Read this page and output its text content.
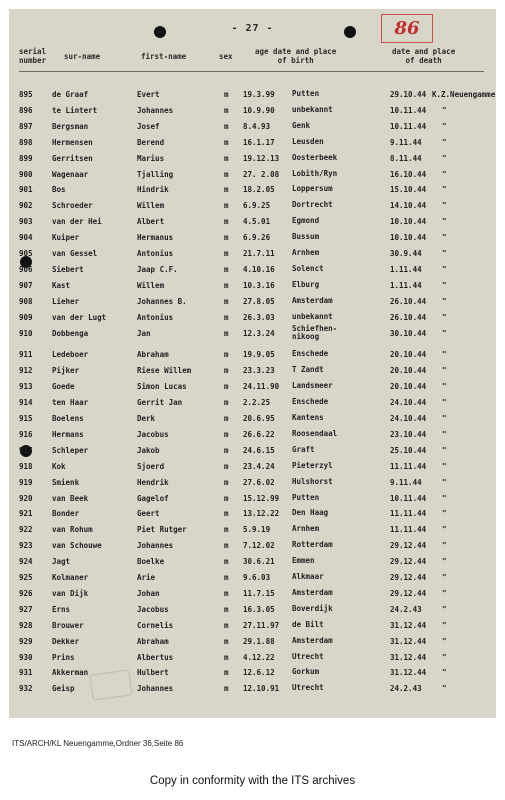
- 27 -	86
serial
number sur-name	first-name	sex
age date and place
of birth
date and place
of death
895	de Graaf	Evert	m 19.3.99 Putten	29.10.44 K.Z.Neuengamme
896	te Lintert	Johannes	m 10.9.90 unbekannt	10.11.44	"
897	Bergsman	Josef	m 8.4.93	Genk	10.11.44	"
898	Hermensen	Berend	m 16.1.17 Leusden	9.11.44	"
899	Gerritsen	Marius	m 19.12.13 Oosterbeek	8.11.44	"
900	Wagenaar	Tjalling	m 27. 2.08 Lobith/Ryn	16.10.44	"
901	Bos	Hindrik	m 18.2.05 Loppersum	15.10.44	"
902	Schroeder	Willem	m 6.9.25	Dortrecht	14.10.44	"
903	van der Hei	Albert	m 4.5.01	Egmond	10.10.44	"
904	Kuiper	Hermanus	m 6.9.26	Bussum	10.10.44	"
905	van Gessel	Antonius	m 21.7.11 Arnhem	30.9.44	"
906	Siebert	Jaap C.F.	m 4.10.16 Solenct	1.11.44	"
907	Kast	Willem	m 10.3.16 Elburg	1.11.44	"
908	Lieher	Johannes B.	m 27.8.05 Amsterdam	26.10.44	"
909	van der Lugt	Antonius	m 26.3.03 unbekannt	26.10.44	"
910	Dobbenga	Jan	m 12.3.24
Schiefhen-
nikoog	30.10.44	"
911	Ledeboer	Abraham	m 19.9.05 Enschede	20.10.44	"
912	Pijker	Riese Willem	m 23.3.23 T Zandt	20.10.44	"
913	Goede	Simon Lucas	m 24.11.90 Landsmeer	20.10.44	"
914	ten Haar	Gerrit Jan	m 2.2.25	Enschede	24.10.44	"
915	Boelens	Derk	m 20.6.95 Kantens	24.10.44	"
916	Hermans	Jacobus	m 26.6.22 Roosendaal	23.10.44	"
917	Schleper	Jakob	m 24.6.15 Graft	25.10.44	"
918	Kok	Sjoerd	m 23.4.24 Pieterzyl	11.11.44	"
919	Smienk	Hendrik	m 27.6.02 Hulshorst	9.11.44	"
920	van Beek	Gagelof	m 15.12.99 Putten	10.11.44	"
921	Bonder	Geert	m 13.12.22 Den Haag	11.11.44	"
922	van Rohum	Piet Rutger	m 5.9.19	Arnhem	11.11.44	"
923	van Schouwe	Johannes	m 7.12.02 Rotterdam	29.12.44	"
924	Jagt	Boelke	m 30.6.21 Emmen	29.12.44	"
925	Kolmaner	Arie	m 9.6.03	Alkmaar	29.12.44	"
926	van Dijk	Johan	m 11.7.15 Amsterdam	29.12.44	"
927	Erns	Jacobus	m 16.3.05 Boverdijk	24.2.43	"
928	Brouwer	Cornelis	m 27.11.97 de Bilt	31.12.44	"
929	Dekker	Abraham	m 29.1.88 Amsterdam	31.12.44	"
930	Prins	Albertus	m 4.12.22 Utrecht	31.12.44	"
931	Akkerman	Hulbert	m 12.6.12 Gorkum	31.12.44	"
932	Geisp	Johannes	m 12.10.91 Utrecht	24.2.43	"
ITS/ARCH/KL Neuengamme,Ordner 36,Seite 86
Copy in conformity with the ITS archives
